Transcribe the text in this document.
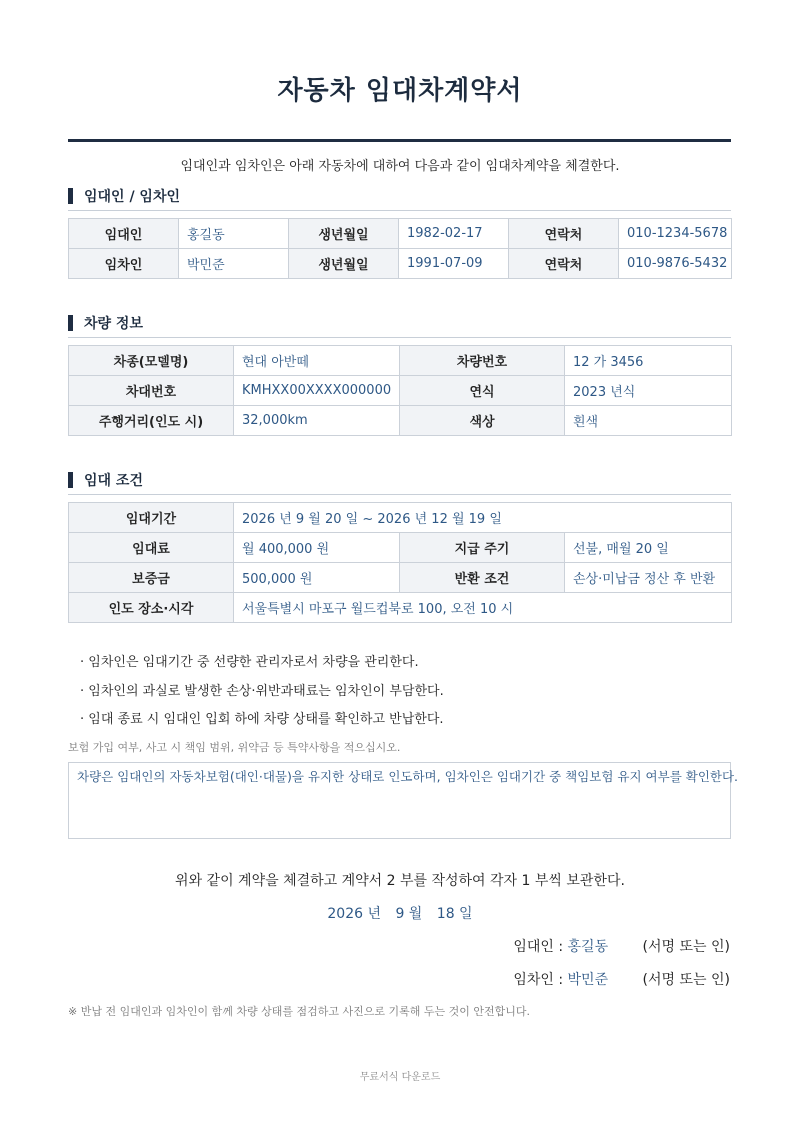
자동차 임대차계약서
임대인과 임차인은 아래 자동차에 대하여 다음과 같이 임대차계약을 체결한다.
임대인 / 임차인
임대인	홍길동	생년월일	1982-02-17	연락처	010-1234-5678
임차인	박민준	생년월일	1991-07-09	연락처	010-9876-5432
차량 정보
차종(모델명)	현대 아반떼	차량번호	12 가 3456
차대번호	KMHXX00XXXX000000	연식	2023 년식
주행거리(인도 시)	32,000km	색상	흰색
임대 조건
임대기간	2026 년 9 월 20 일 ~ 2026 년 12 월 19 일		
임대료	월 400,000 원	지급 주기	선불, 매월 20 일
보증금	500,000 원	반환 조건	손상·미납금 정산 후 반환
인도 장소·시각	서울특별시 마포구 월드컵북로 100, 오전 10 시		
· 임차인은 임대기간 중 선량한 관리자로서 차량을 관리한다.
· 임차인의 과실로 발생한 손상·위반과태료는 임차인이 부담한다.
· 임대 종료 시 임대인 입회 하에 차량 상태를 확인하고 반납한다.
보험 가입 여부, 사고 시 책임 범위, 위약금 등 특약사항을 적으십시오.
차량은 임대인의 자동차보험(대인·대물)을 유지한 상태로 인도하며, 임차인은 임대기간 중 책임보험 유지 여부를 확인한다.
위와 같이 계약을 체결하고 계약서 2 부를 작성하여 각자 1 부씩 보관한다.
2026 년 9 월 18 일
임대인 : 홍길동 (서명 또는 인)
임차인 : 박민준 (서명 또는 인)
※ 반납 전 임대인과 임차인이 함께 차량 상태를 점검하고 사진으로 기록해 두는 것이 안전합니다.
무료서식 다운로드
